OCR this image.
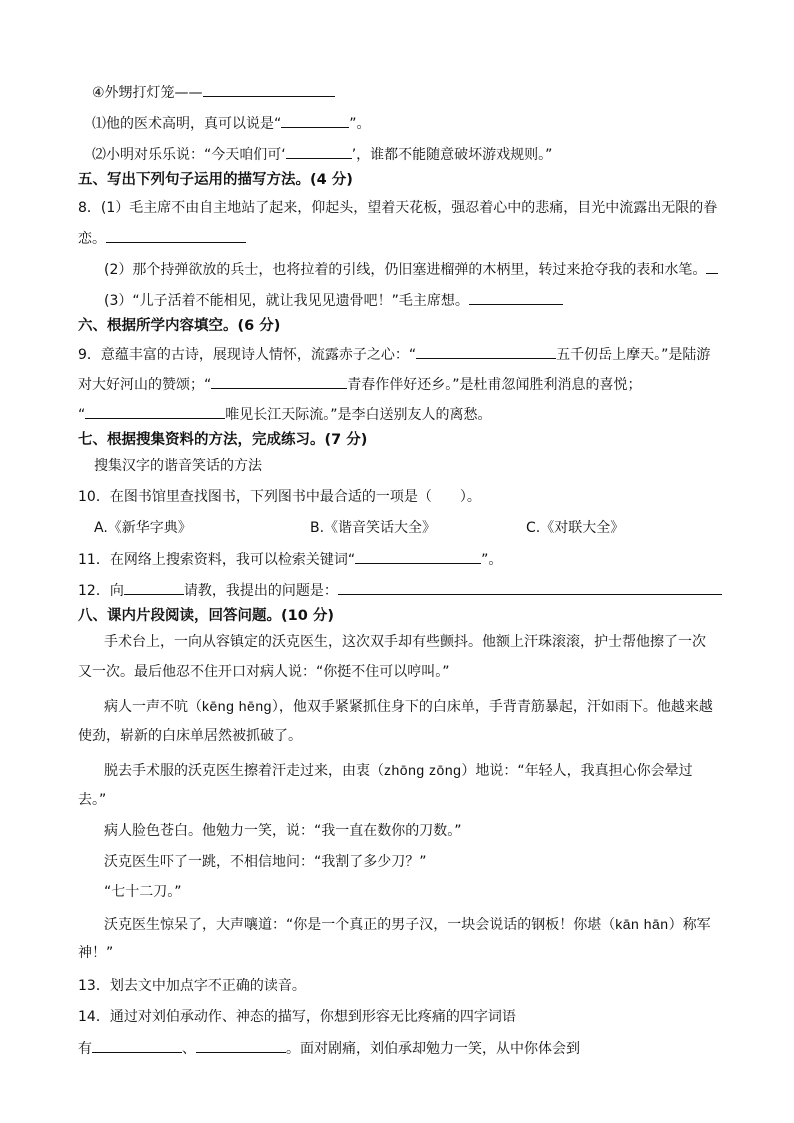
④外甥打灯笼——
⑴他的医术高明，真可以说是“	”。
⑵小明对乐乐说：“今天咱们可‘	’，谁都不能随意破坏游戏规则。”
五、写出下列句子运用的描写方法。(4 分)
8．(1）毛主席不由自主地站了起来，仰起头，望着天花板，强忍着心中的悲痛，目光中流露出无限的眷
恋。
(2）那个持弹欲放的兵士，也将拉着的引线，仍旧塞进榴弹的木柄里，转过来抢夺我的表和水笔。
(3）“儿子活着不能相见，就让我见见遗骨吧！”毛主席想。
六、根据所学内容填空。(6 分)
9．意蕴丰富的古诗，展现诗人情怀，流露赤子之心：“	五千仞岳上摩天。”是陆游
对大好河山的赞颂；“	青春作伴好还乡。”是杜甫忽闻胜利消息的喜悦；
“	唯见长江天际流。”是李白送别友人的离愁。
七、根据搜集资料的方法，完成练习。(7 分)
搜集汉字的谐音笑话的方法
10．在图书馆里查找图书，下列图书中最合适的一项是（　　）。
A.《新华字典》	B.《谐音笑话大全》	C.《对联大全》
11．在网络上搜索资料，我可以检索关键词“	”。
12．向	请教，我提出的问题是：
八、课内片段阅读，回答问题。(10 分)
手术台上，一向从容镇定的沃克医生，这次双手却有些颤抖。他额上汗珠滚滚，护士帮他擦了一次
又一次。最后他忍不住开口对病人说：“你挺不住可以哼叫。”
病人一声不吭（kēng hēng），他双手紧紧抓住身下的白床单，手背青筋暴起，汗如雨下。他越来越
使劲，崭新的白床单居然被抓破了。
脱去手术服的沃克医生擦着汗走过来，由衷（zhōng zōng）地说：“年轻人，我真担心你会晕过
去。”
病人脸色苍白。他勉力一笑，说：“我一直在数你的刀数。”
沃克医生吓了一跳，不相信地问：“我割了多少刀？”
“七十二刀。”
沃克医生惊呆了，大声嚷道：“你是一个真正的男子汉，一块会说话的钢板！你堪（kān hān）称军
神！”
13．划去文中加点字不正确的读音。
14．通过对刘伯承动作、神态的描写，你想到形容无比疼痛的四字词语
有	、	。面对剧痛，刘伯承却勉力一笑，从中你体会到
